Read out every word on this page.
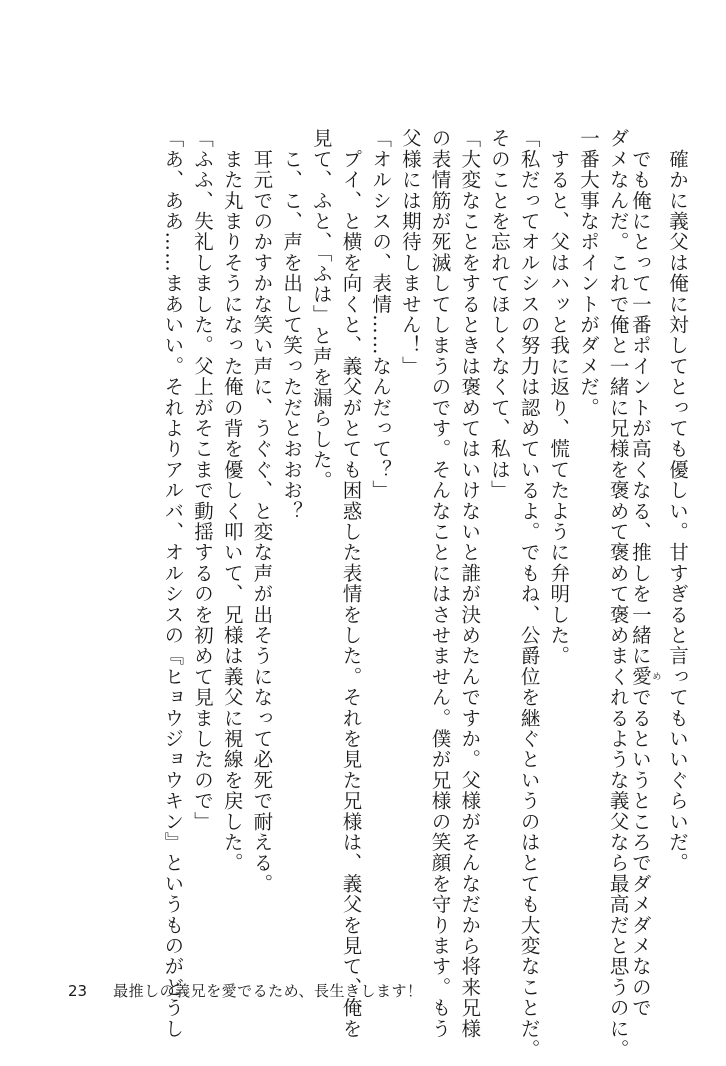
　確かに義父は俺に対してとっても優しい。甘すぎると言ってもいいぐらいだ。
　でも俺にとって一番ポイントが高くなる、推しを一緒に愛めでるというところでダメダメなので
ダメなんだ。これで俺と一緒に兄様を褒めて褒めて褒めまくれるような義父なら最高だと思うのに。
一番大事なポイントがダメだ。
　すると、父はハッと我に返り、慌てたように弁明した。
「私だってオルシスの努力は認めているよ。でもね、公爵位を継ぐというのはとても大変なことだ。
そのことを忘れてほしくなくて、私は」
「大変なことをするときは褒めてはいけないと誰が決めたんですか。父様がそんなだから将来兄様
の表情筋が死滅してしまうのです。そんなことにはさせません。僕が兄様の笑顔を守ります。もう
父様には期待しません！」
「オルシスの、表情……なんだって？」
　プイ、と横を向くと、義父がとても困惑した表情をした。それを見た兄様は、義父を見て、俺を
見て、ふと、「ふは」と声を漏らした。
　こ、こ、声を出して笑っただとおおお？
　耳元でのかすかな笑い声に、うぐぐ、と変な声が出そうになって必死で耐える。
　また丸まりそうになった俺の背を優しく叩いて、兄様は義父に視線を戻した。
「ふふ、失礼しました。父上がそこまで動揺するのを初めて見ましたので」
「あ、ああ……まあいい。それよりアルバ、オルシスの『ヒョウジョウキン』というものがどうし
23 最推しの義兄を愛でるため、長生きします！
